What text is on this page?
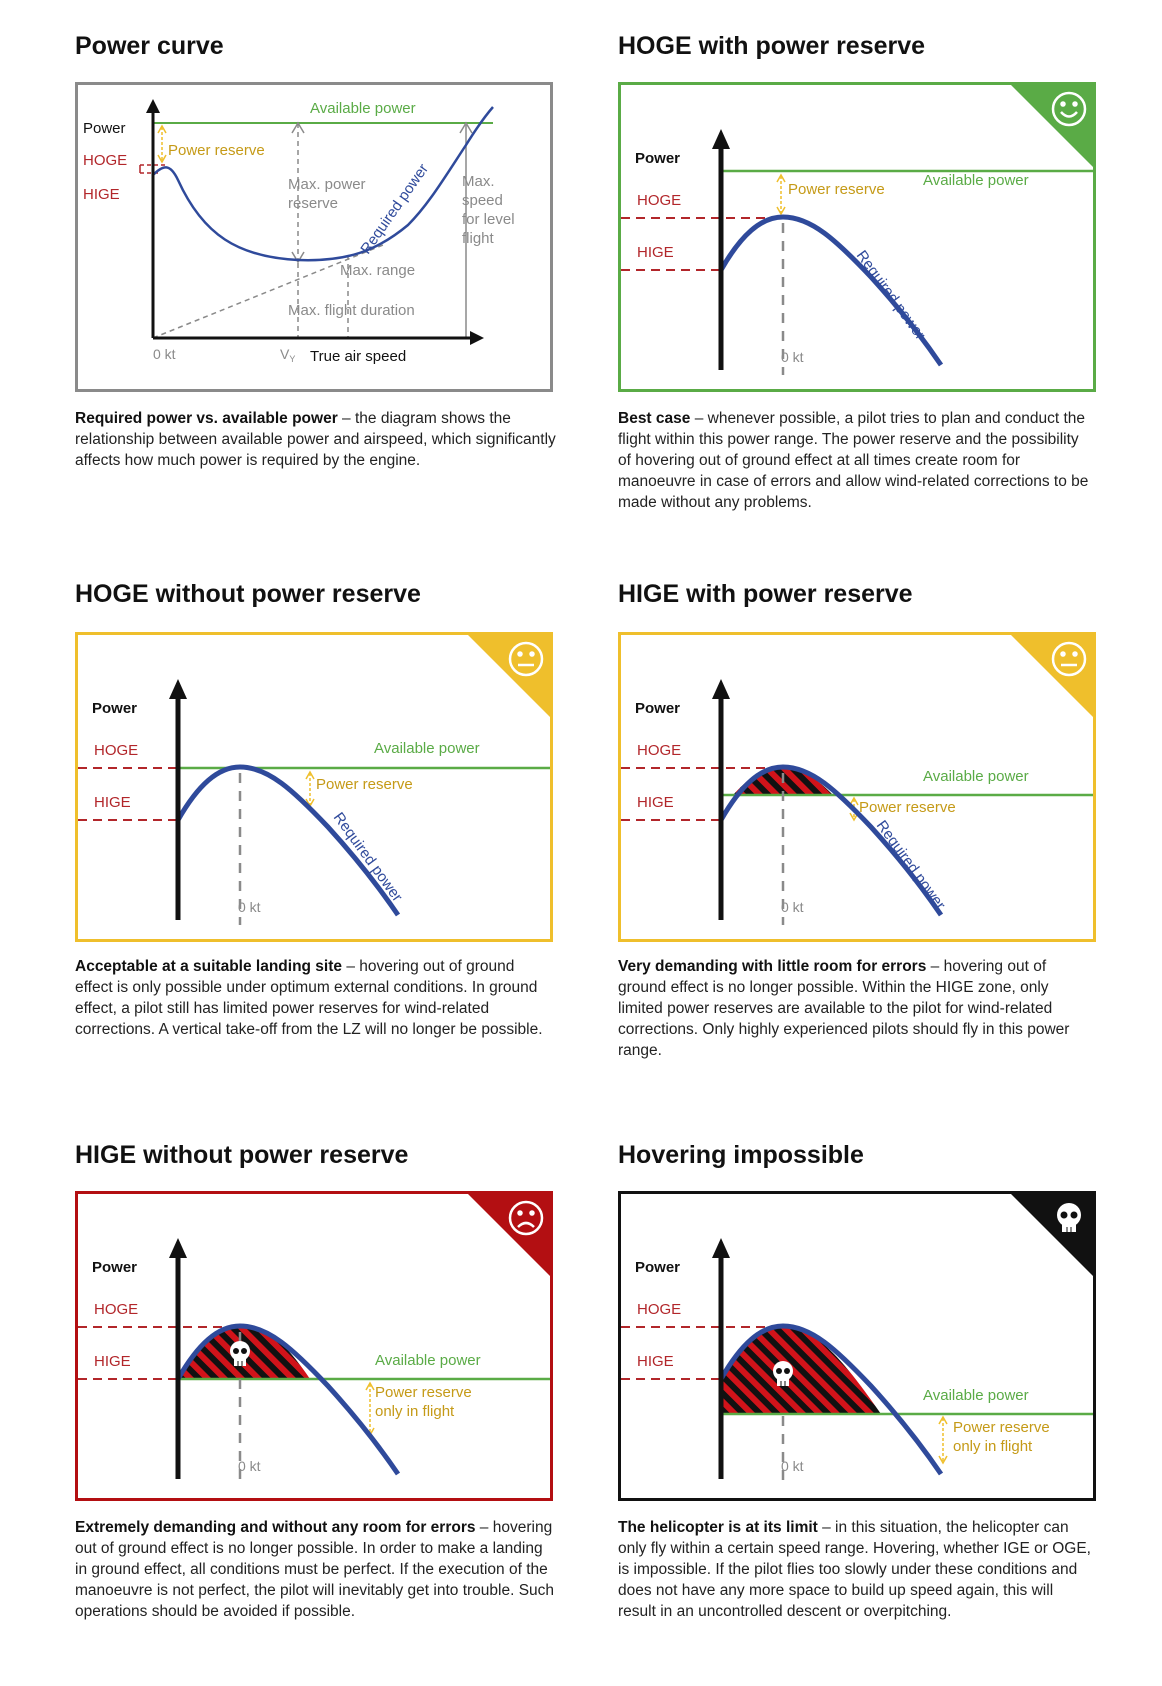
Power curve
Power
HOGE
HIGE
Available power
Power reserve
Max. power
reserve Required power Max.
speed
for level
flight
Max. range
Max. flight duration
0 kt	$V_Y$ True air speed
Required power vs. available power – the diagram shows the relationship between available power and airspeed, which significantly affects how much power is required by the engine.
HOGE with power reserve
Power
HOGE
HIGE
Available power
Power reserve
Required power
0 kt
Best case – whenever possible, a pilot tries to plan and conduct the flight within this power range. The power reserve and the possibility of hovering out of ground effect at all times create room for manoeuvre in case of errors and allow wind-related corrections to be made without any problems.
HOGE without power reserve
Power
HOGE
HIGE
Available power
Power reserve
Required power
0 kt
Acceptable at a suitable landing site – hovering out of ground effect is only possible under optimum external conditions. In ground effect, a pilot still has limited power reserves for wind-related corrections. A vertical take-off from the LZ will no longer be possible.
HIGE with power reserve
Power
HOGE
HIGE
Available power
Power reserve
Required power
0 kt
Very demanding with little room for errors – hovering out of ground effect is no longer possible. Within the HIGE zone, only limited power reserves are available to the pilot for wind-related corrections. Only highly experienced pilots should fly in this power range.
HIGE without power reserve
Power
HOGE
HIGE	Available power
Power reserve
only in flight
0 kt
Extremely demanding and without any room for errors – hovering out of ground effect is no longer possible. In order to make a landing in ground effect, all conditions must be perfect. If the execution of the manoeuvre is not perfect, the pilot will inevitably get into trouble. Such operations should be avoided if possible.
Hovering impossible
Power
HOGE
HIGE
Available power
Power reserve
only in flight
0 kt
The helicopter is at its limit – in this situation, the helicopter can only fly within a certain speed range. Hovering, whether IGE or OGE, is impossible. If the pilot flies too slowly under these conditions and does not have any more space to build up speed again, this will result in an uncontrolled descent or overpitching.
